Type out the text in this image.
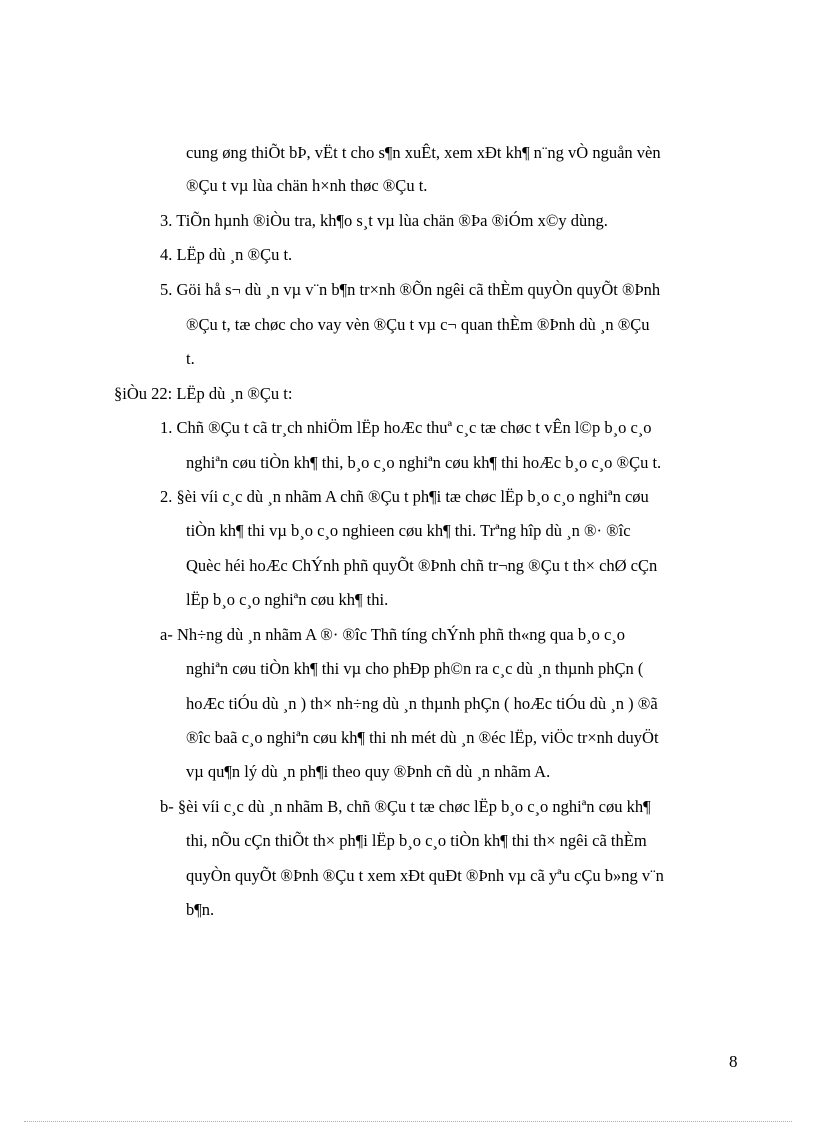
cung øng thiÕt bÞ, vËt t cho s¶n xuÊt, xem xÐt kh¶ n¨ng vÒ nguån vèn
®Çu t vµ lùa chän h×nh thøc ®Çu t.
3. TiÕn hµnh ®iÒu tra, kh¶o s¸t vµ lùa chän ®Þa ®iÓm x©y dùng.
4. LËp dù ¸n ®Çu t.
5. Göi hå s¬ dù ¸n vµ v¨n b¶n tr×nh ®Õn ngêi cã thÈm quyÒn quyÕt ®Þnh
®Çu t, tæ chøc cho vay vèn ®Çu t vµ c¬ quan thÈm ®Þnh dù ¸n ®Çu
t.
§iÒu 22: LËp dù ¸n ®Çu t:
1. Chñ ®Çu t cã tr¸ch nhiÖm lËp hoÆc thuª c¸c tæ chøc t vÊn l©p b¸o c¸o
nghiªn cøu tiÒn kh¶ thi, b¸o c¸o nghiªn cøu kh¶ thi hoÆc b¸o c¸o ®Çu t.
2. §èi víi c¸c dù ¸n nhãm A chñ ®Çu t ph¶i tæ chøc lËp b¸o c¸o nghiªn cøu
tiÒn kh¶ thi vµ b¸o c¸o nghieen cøu kh¶ thi. Trªng hîp dù ¸n ®· ®îc
Quèc héi hoÆc ChÝnh phñ quyÕt ®Þnh chñ tr¬ng ®Çu t th× chØ cÇn
lËp b¸o c¸o nghiªn cøu kh¶ thi.
a- Nh÷ng dù ¸n nhãm A ®· ®îc Thñ tíng chÝnh phñ th«ng qua b¸o c¸o
nghiªn cøu tiÒn kh¶ thi vµ cho phÐp ph©n ra c¸c dù ¸n thµnh phÇn (
hoÆc tiÓu dù ¸n ) th× nh÷ng dù ¸n thµnh phÇn ( hoÆc tiÓu dù ¸n ) ®ã
®îc baã c¸o nghiªn cøu kh¶ thi nh mét dù ¸n ®éc lËp, viÖc tr×nh duyÖt
vµ qu¶n lý dù ¸n ph¶i theo quy ®Þnh cñ dù ¸n nhãm A.
b- §èi víi c¸c dù ¸n nhãm B, chñ ®Çu t tæ chøc lËp b¸o c¸o nghiªn cøu kh¶
thi, nÕu cÇn thiÕt th× ph¶i lËp b¸o c¸o tiÒn kh¶ thi th× ngêi cã thÈm
quyÒn quyÕt ®Þnh ®Çu t xem xÐt quÐt ®Þnh vµ cã yªu cÇu b»ng v¨n
b¶n.
8
